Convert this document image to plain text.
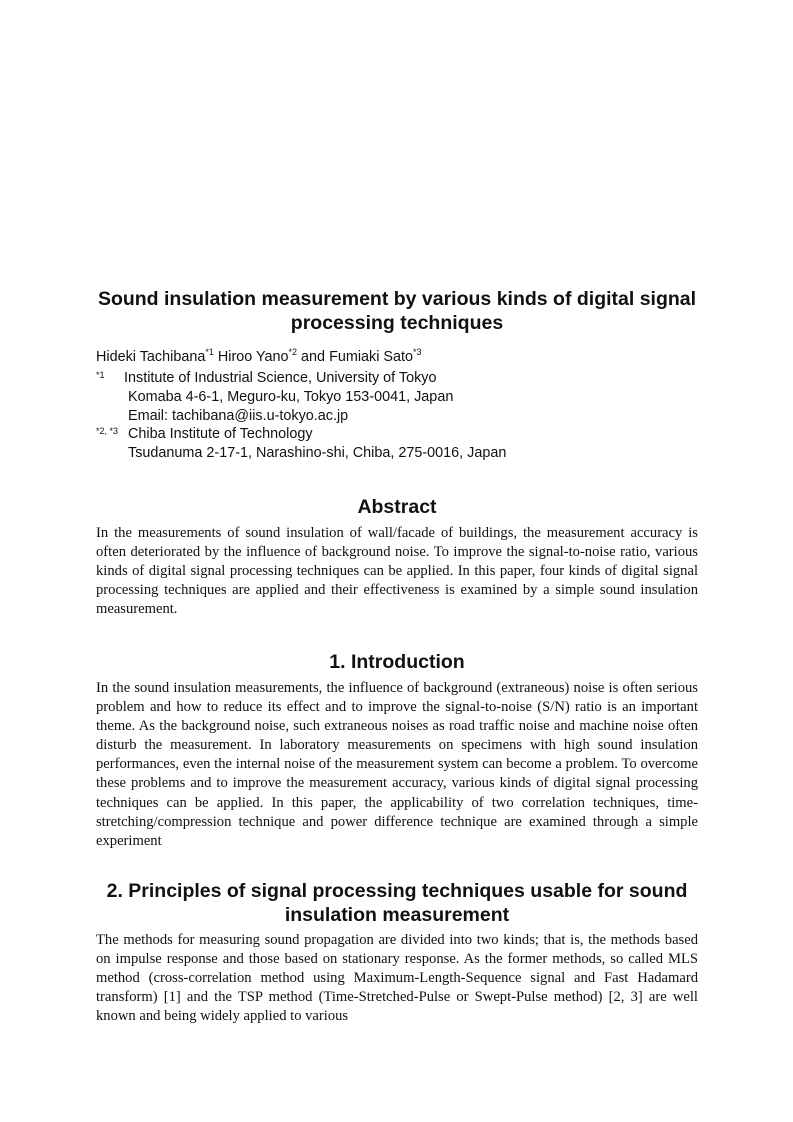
Sound insulation measurement by various kinds of digital signal processing techniques
Hideki Tachibana$^{*1}$ Hiroo Yano$^{*2}$ and Fumiaki Sato$^{*3}$
*1 Institute of Industrial Science, University of Tokyo
Komaba 4-6-1, Meguro-ku, Tokyo 153-0041, Japan
Email: tachibana@iis.u-tokyo.ac.jp
*2, *3 Chiba Institute of Technology
Tsudanuma 2-17-1, Narashino-shi, Chiba, 275-0016, Japan
Abstract

In the measurements of sound insulation of wall/facade of buildings, the measurement accuracy is often deteriorated by the influence of background noise. To improve the signal-to-noise ratio, various kinds of digital signal processing techniques can be applied. In this paper, four kinds of digital signal processing techniques are applied and their effectiveness is examined by a simple sound insulation measurement.

1. Introduction

In the sound insulation measurements, the influence of background (extraneous) noise is often serious problem and how to reduce its effect and to improve the signal-to-noise (S/N) ratio is an important theme. As the background noise, such extraneous noises as road traffic noise and machine noise often disturb the measurement. In laboratory measurements on specimens with high sound insulation performances, even the internal noise of the measurement system can become a problem. To overcome these problems and to improve the measurement accuracy, various kinds of digital signal processing techniques can be applied. In this paper, the applicability of two correlation techniques, time-stretching/compression technique and power difference technique are examined through a simple experiment

2. Principles of signal processing techniques usable for sound insulation measurement

The methods for measuring sound propagation are divided into two kinds; that is, the methods based on impulse response and those based on stationary response. As the former methods, so called MLS method (cross-correlation method using Maximum-Length-Sequence signal and Fast Hadamard transform) [1] and the TSP method (Time-Stretched-Pulse or Swept-Pulse method) [2, 3] are well known and being widely applied to various
